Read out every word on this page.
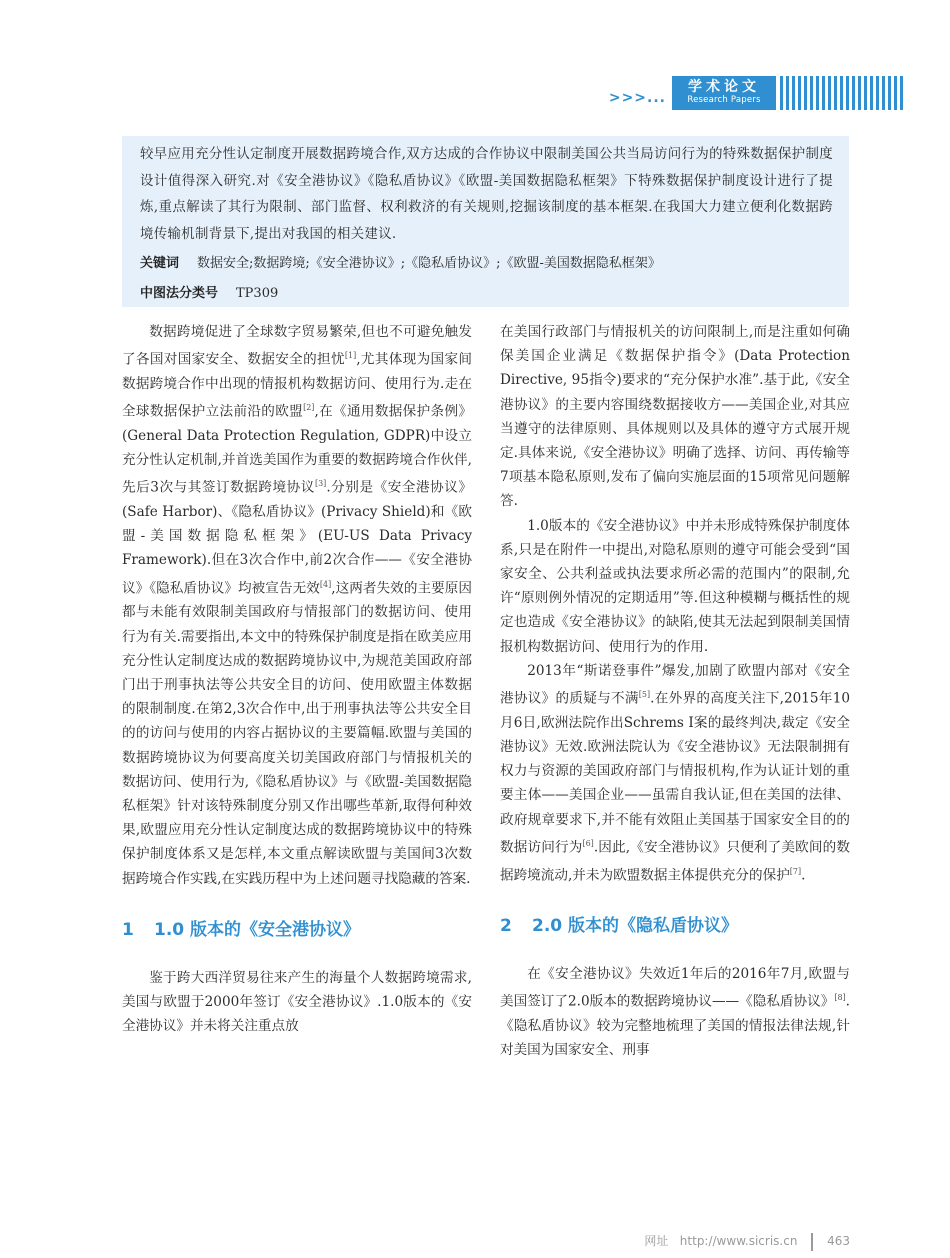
>>>...
学术论文
Research Papers

较早应用充分性认定制度开展数据跨境合作,双方达成的合作协议中限制美国公共当局访问行为的特殊数据保护制度设计值得深入研究.对《安全港协议》《隐私盾协议》《欧盟-美国数据隐私框架》下特殊数据保护制度设计进行了提炼,重点解读了其行为限制、部门监督、权利救济的有关规则,挖掘该制度的基本框架.在我国大力建立便利化数据跨境传输机制背景下,提出对我国的相关建议.

关键词 数据安全;数据跨境;《安全港协议》;《隐私盾协议》;《欧盟-美国数据隐私框架》
中图法分类号 TP309

数据跨境促进了全球数字贸易繁荣,但也不可避免触发了各国对国家安全、数据安全的担忧[1],尤其体现为国家间数据跨境合作中出现的情报机构数据访问、使用行为.走在全球数据保护立法前沿的欧盟[2],在《通用数据保护条例》(General Data Protection Regulation, GDPR)中设立充分性认定机制,并首选美国作为重要的数据跨境合作伙伴,先后3次与其签订数据跨境协议[3].分别是《安全港协议》(Safe Harbor)、《隐私盾协议》(Privacy Shield)和《欧盟-美国数据隐私框架》(EU-US Data Privacy Framework).但在3次合作中,前2次合作——《安全港协议》《隐私盾协议》均被宣告无效[4],这两者失效的主要原因都与未能有效限制美国政府与情报部门的数据访问、使用行为有关.需要指出,本文中的特殊保护制度是指在欧美应用充分性认定制度达成的数据跨境协议中,为规范美国政府部门出于刑事执法等公共安全目的访问、使用欧盟主体数据的限制制度.在第2,3次合作中,出于刑事执法等公共安全目的的访问与使用的内容占据协议的主要篇幅.欧盟与美国的数据跨境协议为何要高度关切美国政府部门与情报机关的数据访问、使用行为,《隐私盾协议》与《欧盟-美国数据隐私框架》针对该特殊制度分别又作出哪些革新,取得何种效果,欧盟应用充分性认定制度达成的数据跨境协议中的特殊保护制度体系又是怎样,本文重点解读欧盟与美国间3次数据跨境合作实践,在实践历程中为上述问题寻找隐藏的答案.

1 1.0 版本的《安全港协议》

鉴于跨大西洋贸易往来产生的海量个人数据跨境需求,美国与欧盟于2000年签订《安全港协议》.1.0版本的《安全港协议》并未将关注重点放

在美国行政部门与情报机关的访问限制上,而是注重如何确保美国企业满足《数据保护指令》(Data Protection Directive, 95指令)要求的“充分保护水准”.基于此,《安全港协议》的主要内容围绕数据接收方——美国企业,对其应当遵守的法律原则、具体规则以及具体的遵守方式展开规定.具体来说,《安全港协议》明确了选择、访问、再传输等7项基本隐私原则,发布了偏向实施层面的15项常见问题解答.

1.0版本的《安全港协议》中并未形成特殊保护制度体系,只是在附件一中提出,对隐私原则的遵守可能会受到“国家安全、公共利益或执法要求所必需的范围内”的限制,允许“原则例外情况的定期适用”等.但这种模糊与概括性的规定也造成《安全港协议》的缺陷,使其无法起到限制美国情报机构数据访问、使用行为的作用.

2013年“斯诺登事件”爆发,加剧了欧盟内部对《安全港协议》的质疑与不满[5].在外界的高度关注下,2015年10月6日,欧洲法院作出Schrems Ⅰ案的最终判决,裁定《安全港协议》无效.欧洲法院认为《安全港协议》无法限制拥有权力与资源的美国政府部门与情报机构,作为认证计划的重要主体——美国企业——虽需自我认证,但在美国的法律、政府规章要求下,并不能有效阻止美国基于国家安全目的的数据访问行为[6].因此,《安全港协议》只便利了美欧间的数据跨境流动,并未为欧盟数据主体提供充分的保护[7].

2 2.0 版本的《隐私盾协议》

在《安全港协议》失效近1年后的2016年7月,欧盟与美国签订了2.0版本的数据跨境协议——《隐私盾协议》[8].《隐私盾协议》较为完整地梳理了美国的情报法律法规,针对美国为国家安全、刑事

网址 http://www.sicris.cn 463
